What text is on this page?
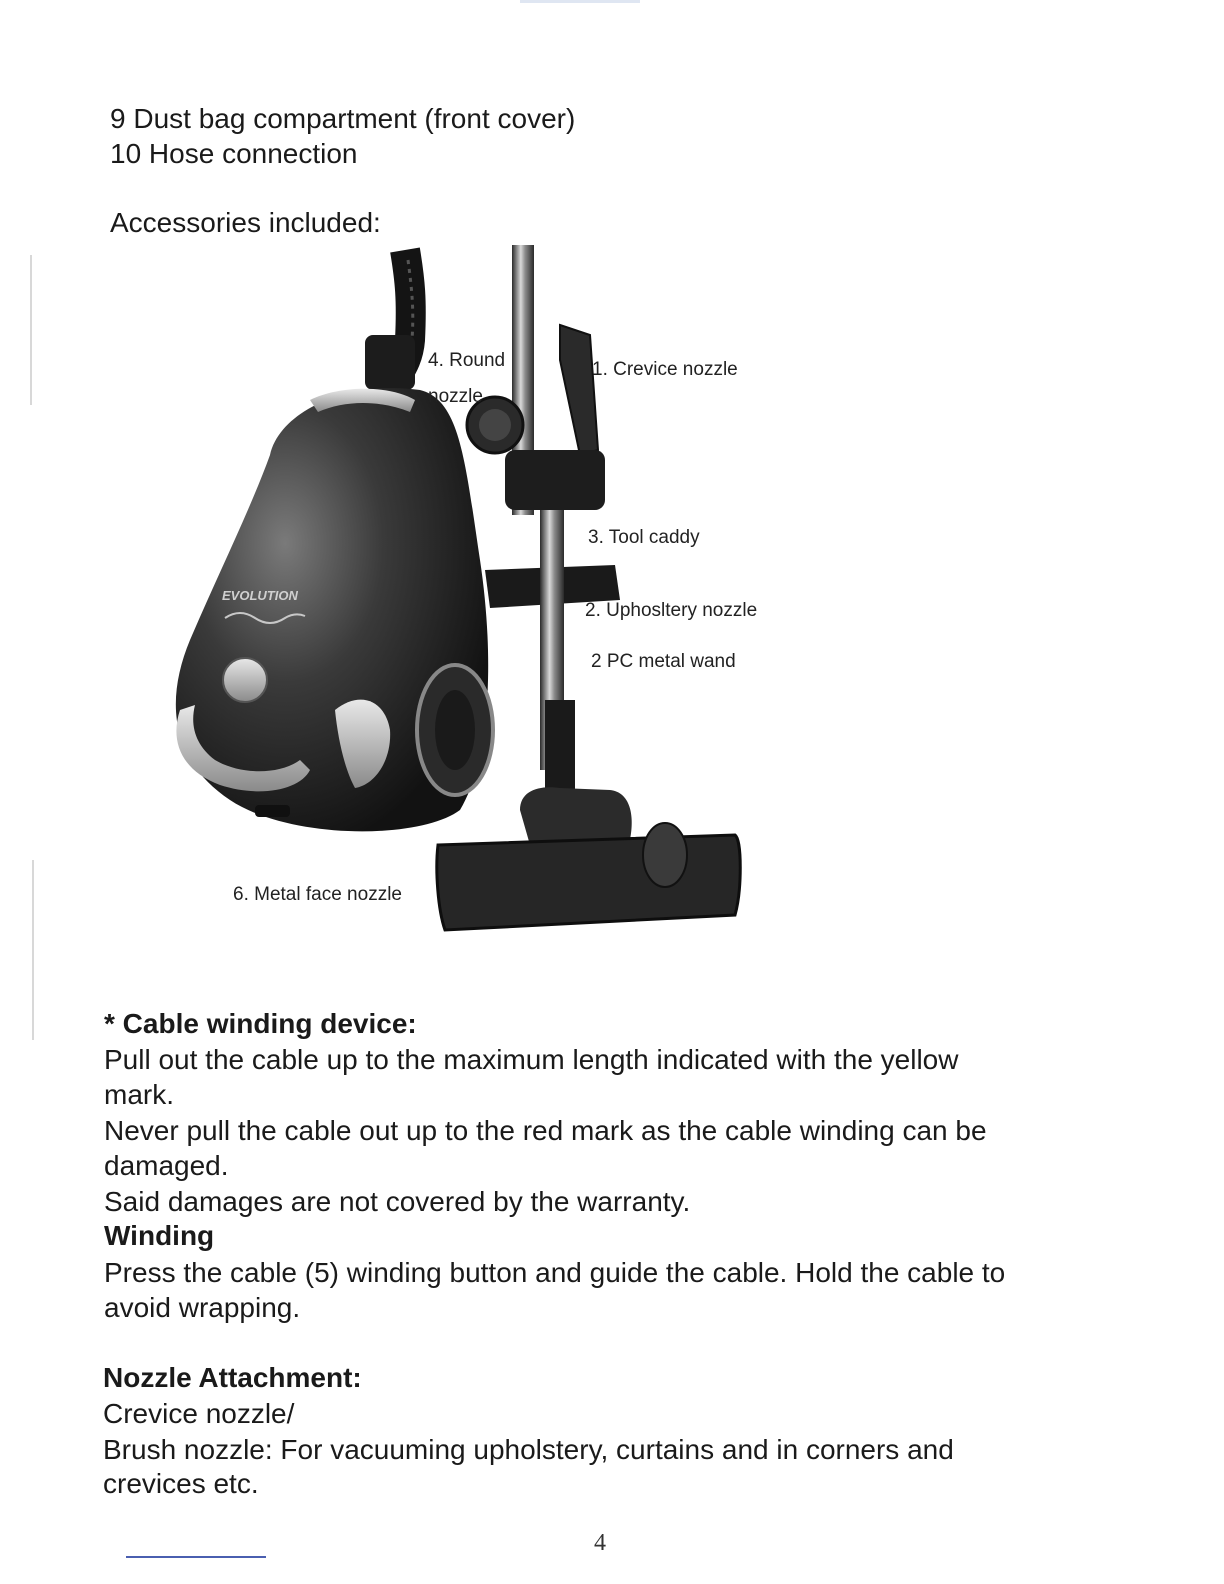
9 Dust bag compartment (front cover)
10 Hose connection
Accessories included:
EVOLUTION
4. Round
nozzle
1. Crevice nozzle
3. Tool caddy
2. Uphosltery nozzle
2 PC metal wand
6. Metal face nozzle
* Cable winding device:
Pull out the cable up to the maximum length indicated with the yellow
mark.
Never pull the cable out up to the red mark as the cable winding can be
damaged.
Said damages are not covered by the warranty.
Winding
Press the cable (5) winding button and guide the cable. Hold the cable to
avoid wrapping.
Nozzle Attachment:
Crevice nozzle/
Brush nozzle: For vacuuming upholstery, curtains and in corners and
crevices etc.
4
